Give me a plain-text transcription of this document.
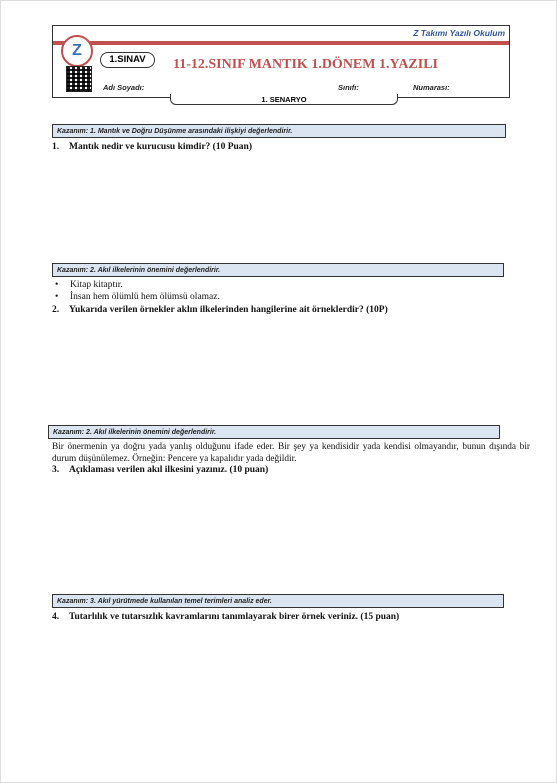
Z Takımı Yazılı Okulum
Z
1.SINAV	11-12.SINIF MANTIK 1.DÖNEM 1.YAZILI
Adı Soyadı:	Sınıfı:	Numarası:
1. SENARYO
Kazanım: 1. Mantık ve Doğru Düşünme arasındaki ilişkiyi değerlendirir.
1. Mantık nedir ve kurucusu kimdir? (10 Puan)
Kazanım: 2. Akıl ilkelerinin önemini değerlendirir.
• Kitap kitaptır.
• İnsan hem ölümlü hem ölümsü olamaz.
2. Yukarıda verilen örnekler aklın ilkelerinden hangilerine ait örneklerdir? (10P)
Kazanım: 2. Akıl ilkelerinin önemini değerlendirir.
Bir önermenin ya doğru yada yanlış olduğunu ifade eder. Bir şey ya kendisidir yada kendisi olmayandır, bunun dışında bir durum düşünülemez. Örneğin: Pencere ya kapalıdır yada değildir.
3. Açıklaması verilen akıl ilkesini yazınız. (10 puan)
Kazanım: 3. Akıl yürütmede kullanılan temel terimleri analiz eder.
4. Tutarlılık ve tutarsızlık kavramlarını tanımlayarak birer örnek veriniz. (15 puan)
